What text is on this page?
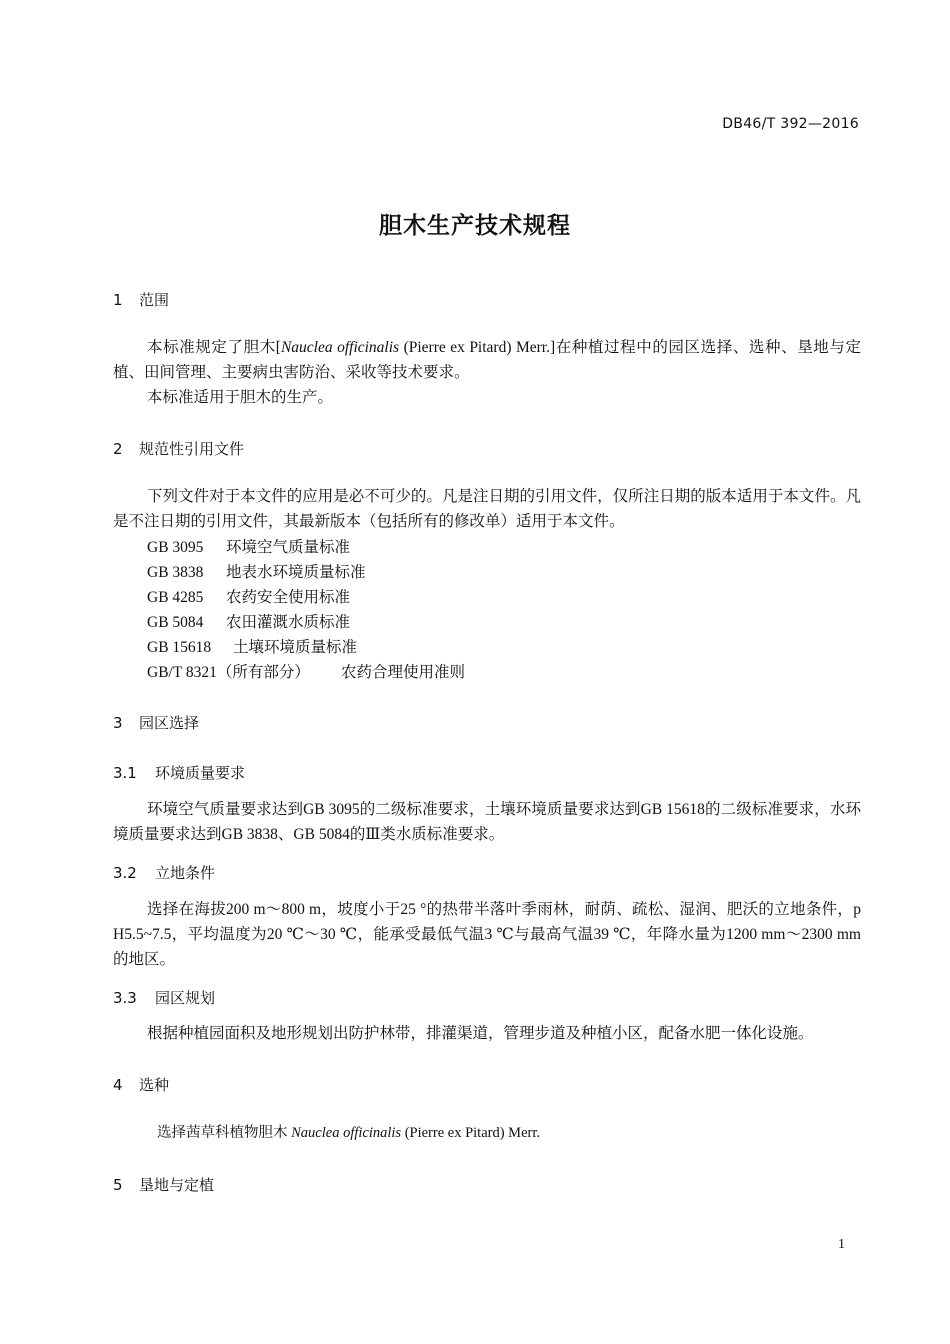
DB46/T 392—2016
胆木生产技术规程
1 范围
本标准规定了胆木[Nauclea officinalis (Pierre ex Pitard) Merr.]在种植过程中的园区选择、选种、垦地与定植、田间管理、主要病虫害防治、采收等技术要求。
本标准适用于胆木的生产。
2 规范性引用文件
下列文件对于本文件的应用是必不可少的。凡是注日期的引用文件，仅所注日期的版本适用于本文件。凡是不注日期的引用文件，其最新版本（包括所有的修改单）适用于本文件。
GB 3095 环境空气质量标准
GB 3838 地表水环境质量标准
GB 4285 农药安全使用标准
GB 5084 农田灌溉水质标准
GB 15618 土壤环境质量标准
GB/T 8321（所有部分） 农药合理使用准则
3 园区选择
3.1 环境质量要求
环境空气质量要求达到GB 3095的二级标准要求，土壤环境质量要求达到GB 15618的二级标准要求，水环境质量要求达到GB 3838、GB 5084的Ⅲ类水质标准要求。
3.2 立地条件
选择在海拔200 m～800 m，坡度小于25 °的热带半落叶季雨林，耐荫、疏松、湿润、肥沃的立地条件，p H5.5~7.5，平均温度为20 ℃～30 ℃，能承受最低气温3 ℃与最高气温39 ℃，年降水量为1200 mm～2300 mm的地区。
3.3 园区规划
根据种植园面积及地形规划出防护林带，排灌渠道，管理步道及种植小区，配备水肥一体化设施。
4 选种
选择茜草科植物胆木 Nauclea officinalis (Pierre ex Pitard) Merr.
5 垦地与定植
1
